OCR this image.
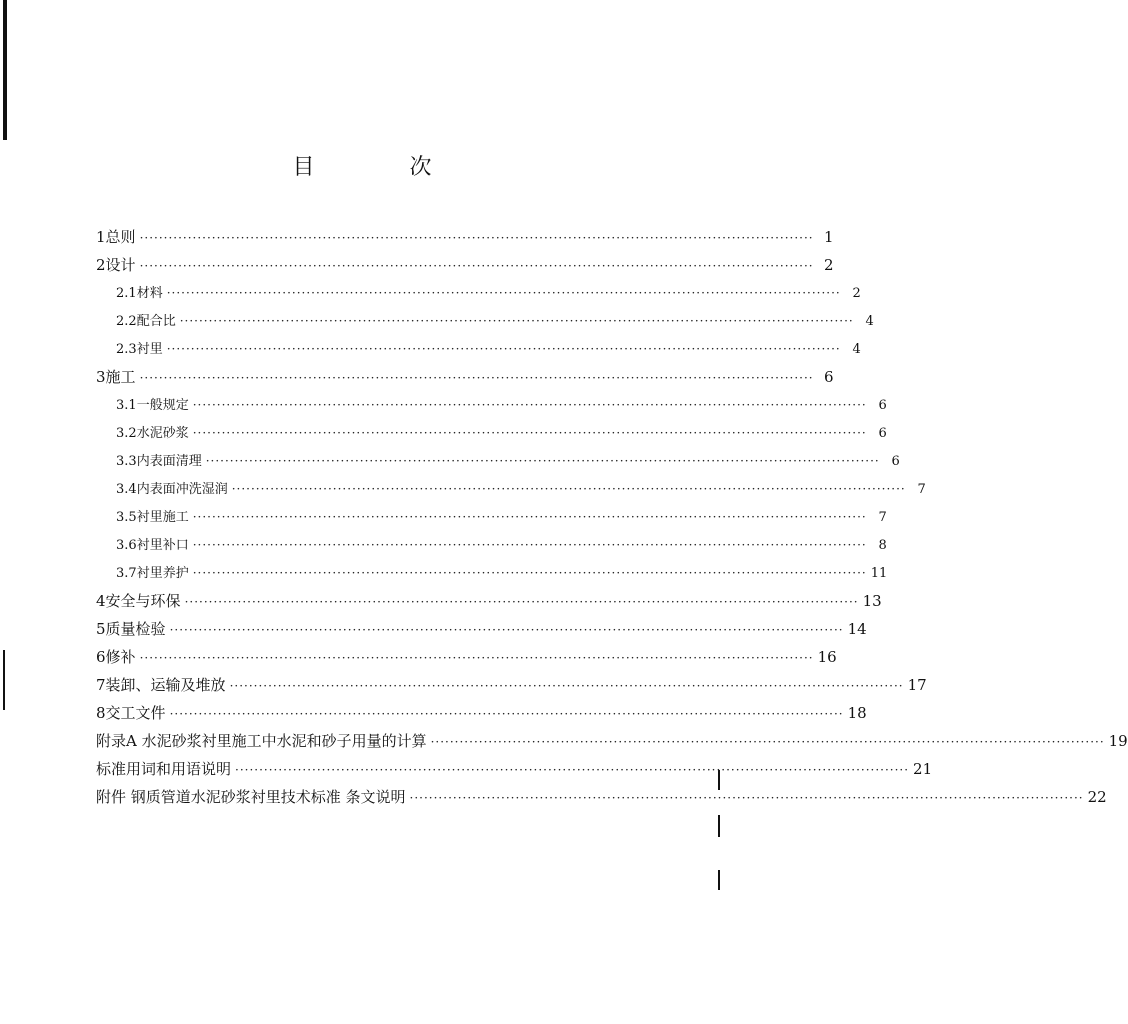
目 次
1 总则 ············································································································································ 1
2 设计 ············································································································································ 2
2.1 材料 ············································································································································ 2
2.2 配合比 ············································································································································ 4
2.3 衬里 ············································································································································ 4
3 施工 ············································································································································ 6
3.1 一般规定 ············································································································································ 6
3.2 水泥砂浆 ············································································································································ 6
3.3 内表面清理 ············································································································································ 6
3.4 内表面冲洗湿润 ············································································································································ 7
3.5 衬里施工 ············································································································································ 7
3.6 衬里补口 ············································································································································ 8
3.7 衬里养护 ············································································································································ 11
4 安全与环保 ············································································································································ 13
5 质量检验 ············································································································································ 14
6 修补 ············································································································································ 16
7 装卸、运输及堆放 ············································································································································ 17
8 交工文件 ············································································································································ 18
附录A 水泥砂浆衬里施工中水泥和砂子用量的计算 ············································································································································ 19
标准用词和用语说明 ············································································································································ 21
附件 钢质管道水泥砂浆衬里技术标准 条文说明 ············································································································································ 22
